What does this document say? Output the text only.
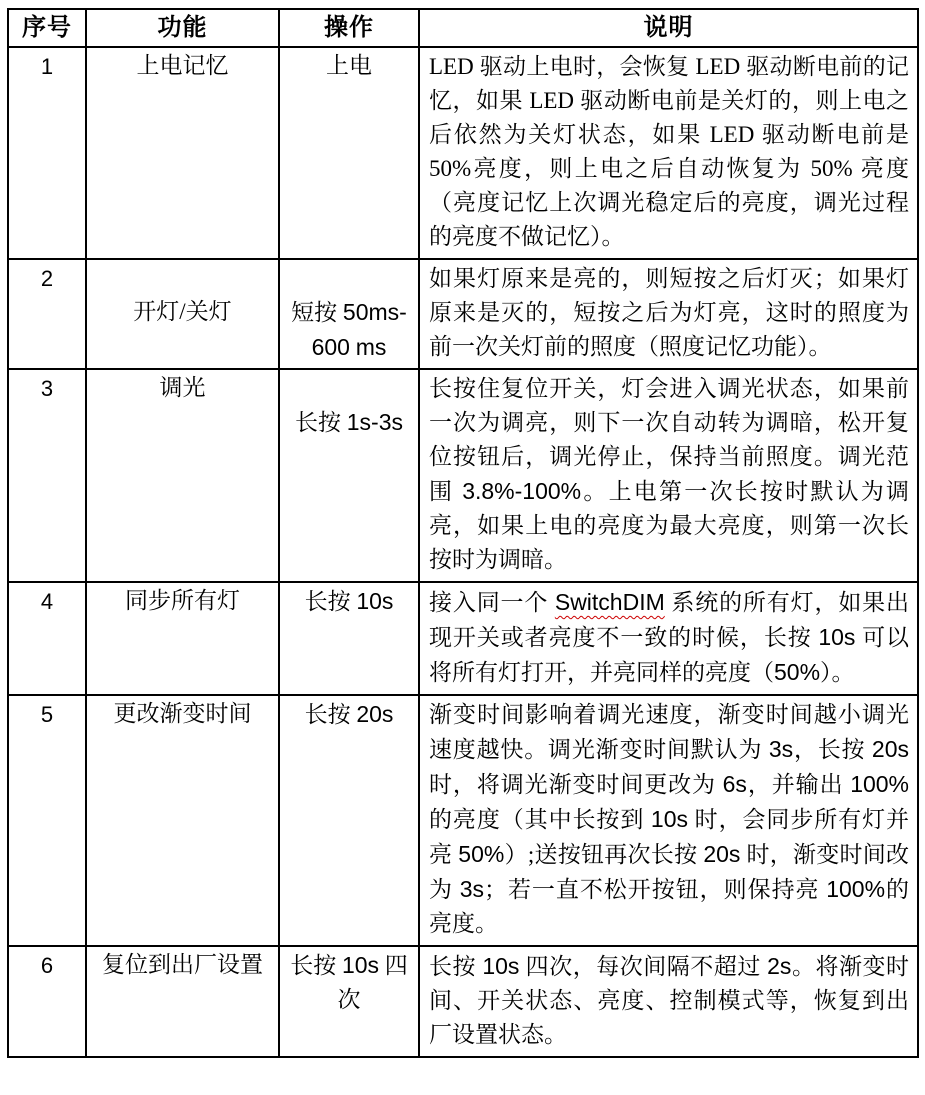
序号	功能	操作	说明
1	上电记忆	上电	LED 驱动上电时，会恢复 LED 驱动断电前的记忆，如果 LED 驱动断电前是关灯的，则上电之后依然为关灯状态，如果 LED 驱动断电前是 50%亮度，则上电之后自动恢复为 50% 亮度（亮度记忆上次调光稳定后的亮度，调光过程的亮度不做记忆）。
2	开灯/关灯	短按 50ms-600 ms	如果灯原来是亮的，则短按之后灯灭；如果灯原来是灭的，短按之后为灯亮，这时的照度为前一次关灯前的照度（照度记忆功能）。
3	调光	长按 1s-3s	长按住复位开关，灯会进入调光状态，如果前一次为调亮，则下一次自动转为调暗，松开复位按钮后，调光停止，保持当前照度。调光范围 3.8%-100%。上电第一次长按时默认为调亮，如果上电的亮度为最大亮度，则第一次长按时为调暗。
4	同步所有灯	长按 10s	接入同一个 SwitchDIM 系统的所有灯，如果出现开关或者亮度不一致的时候，长按 10s 可以将所有灯打开，并亮同样的亮度（50%）。
5	更改渐变时间	长按 20s	渐变时间影响着调光速度，渐变时间越小调光速度越快。调光渐变时间默认为 3s，长按 20s 时，将调光渐变时间更改为 6s，并输出 100%的亮度（其中长按到 10s 时，会同步所有灯并亮 50%）;送按钮再次长按 20s 时，渐变时间改为 3s；若一直不松开按钮，则保持亮 100%的亮度。
6	复位到出厂设置	长按 10s 四次	长按 10s 四次，每次间隔不超过 2s。将渐变时间、开关状态、亮度、控制模式等，恢复到出厂设置状态。
